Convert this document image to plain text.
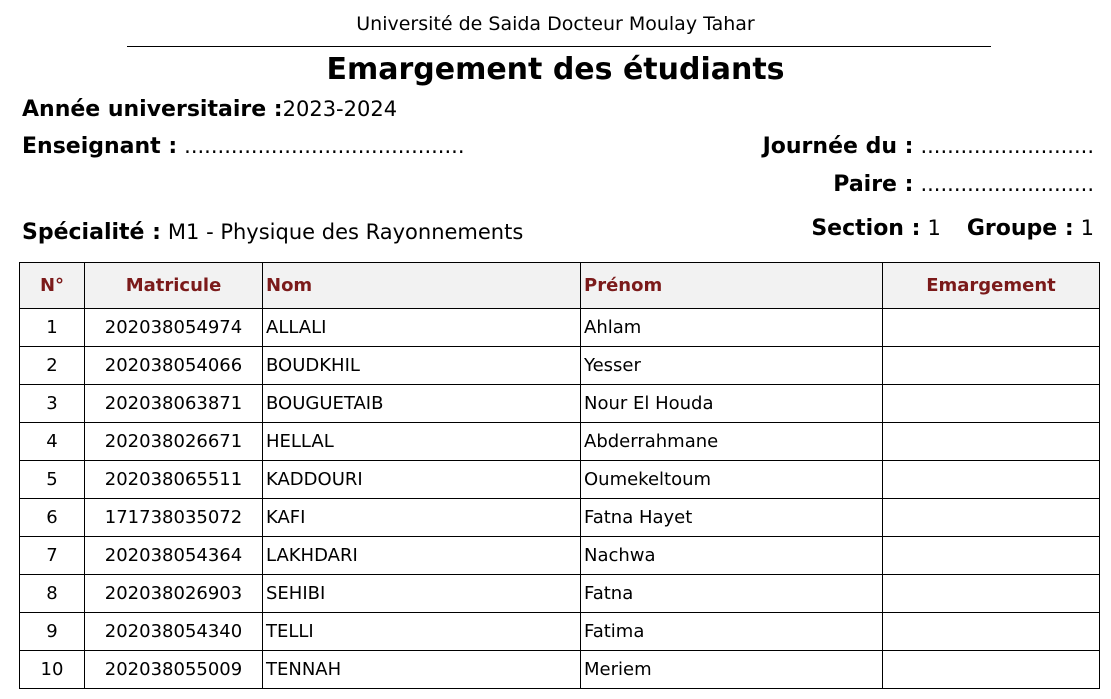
Université de Saida Docteur Moulay Tahar
Emargement des étudiants
Année universitaire :2023-2024
Enseignant : ..........................................	Journée du : ..........................
Paire : ..........................
Spécialité : M1 - Physique des Rayonnements	Section : 1 Groupe : 1
N°	Matricule	Nom	Prénom	Emargement
1	202038054974	ALLALI	Ahlam	
2	202038054066	BOUDKHIL	Yesser	
3	202038063871	BOUGUETAIB	Nour El Houda	
4	202038026671	HELLAL	Abderrahmane	
5	202038065511	KADDOURI	Oumekeltoum	
6	171738035072	KAFI	Fatna Hayet	
7	202038054364	LAKHDARI	Nachwa	
8	202038026903	SEHIBI	Fatna	
9	202038054340	TELLI	Fatima	
10	202038055009	TENNAH	Meriem	
